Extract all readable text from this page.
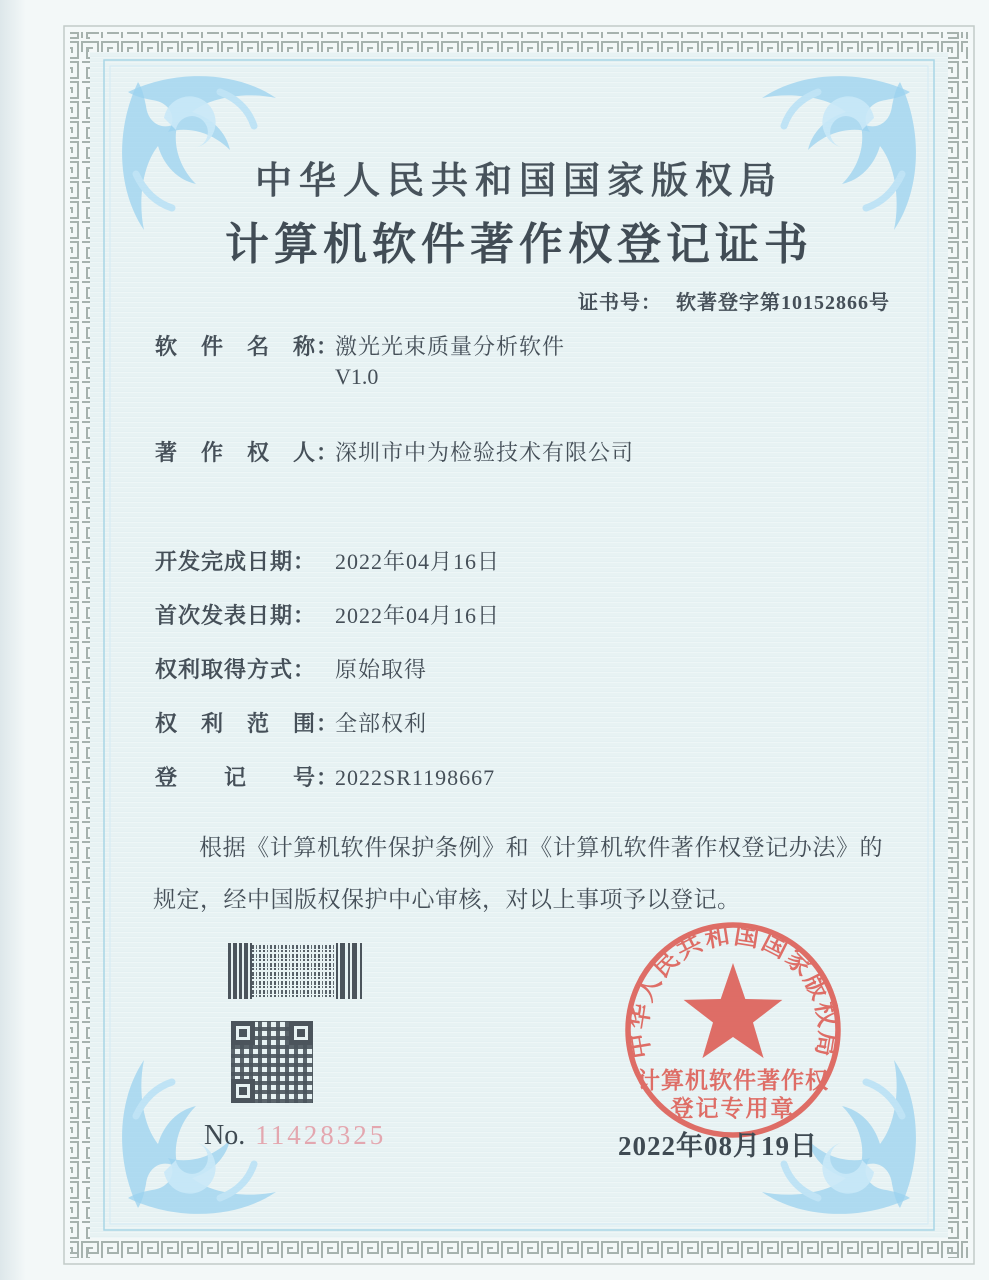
中华人民共和国国家版权局
计算机软件著作权登记证书
证书号： 软著登字第10152866号
软　件　名　称：激光光束质量分析软件
V1.0
著　作　权　人：深圳市中为检验技术有限公司
开发完成日期： 2022年04月16日
首次发表日期： 2022年04月16日
权利取得方式： 原始取得
权　利　范　围：全部权利
登　　记　　号：2022SR1198667
根据《计算机软件保护条例》和《计算机软件著作权登记办法》的规定，经中国版权保护中心审核，对以上事项予以登记。
No. 11428325
中华人民共和国国家版权局
计算机软件著作权
登记专用章
2022年08月19日
